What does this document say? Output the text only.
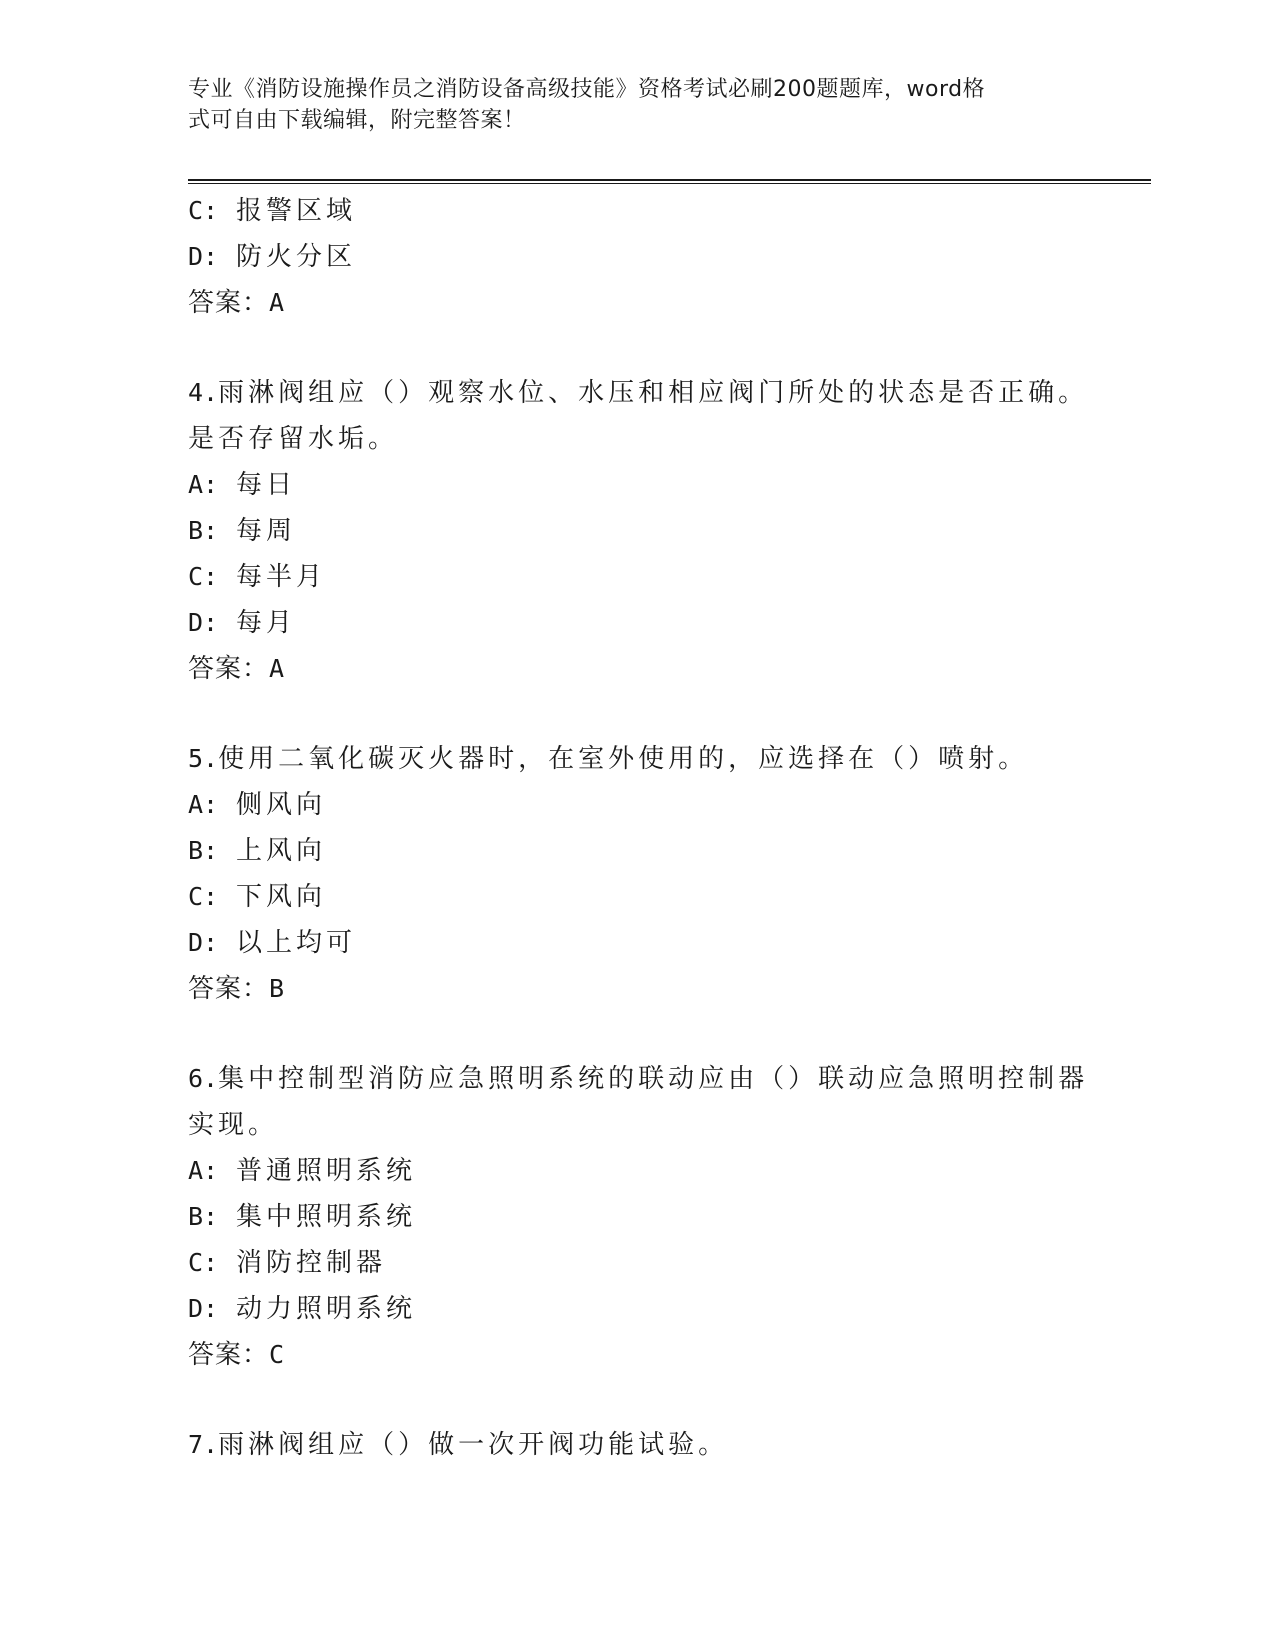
专业《消防设施操作员之消防设备高级技能》资格考试必刷200题题库，word格
式可自由下载编辑，附完整答案！
C: 报警区域
D: 防火分区
答案：A
4.雨淋阀组应（）观察水位、水压和相应阀门所处的状态是否正确。
是否存留水垢。
A: 每日
B: 每周
C: 每半月
D: 每月
答案：A
5.使用二氧化碳灭火器时，在室外使用的，应选择在（）喷射。
A: 侧风向
B: 上风向
C: 下风向
D: 以上均可
答案：B
6.集中控制型消防应急照明系统的联动应由（）联动应急照明控制器
实现。
A: 普通照明系统
B: 集中照明系统
C: 消防控制器
D: 动力照明系统
答案：C
7.雨淋阀组应（）做一次开阀功能试验。
